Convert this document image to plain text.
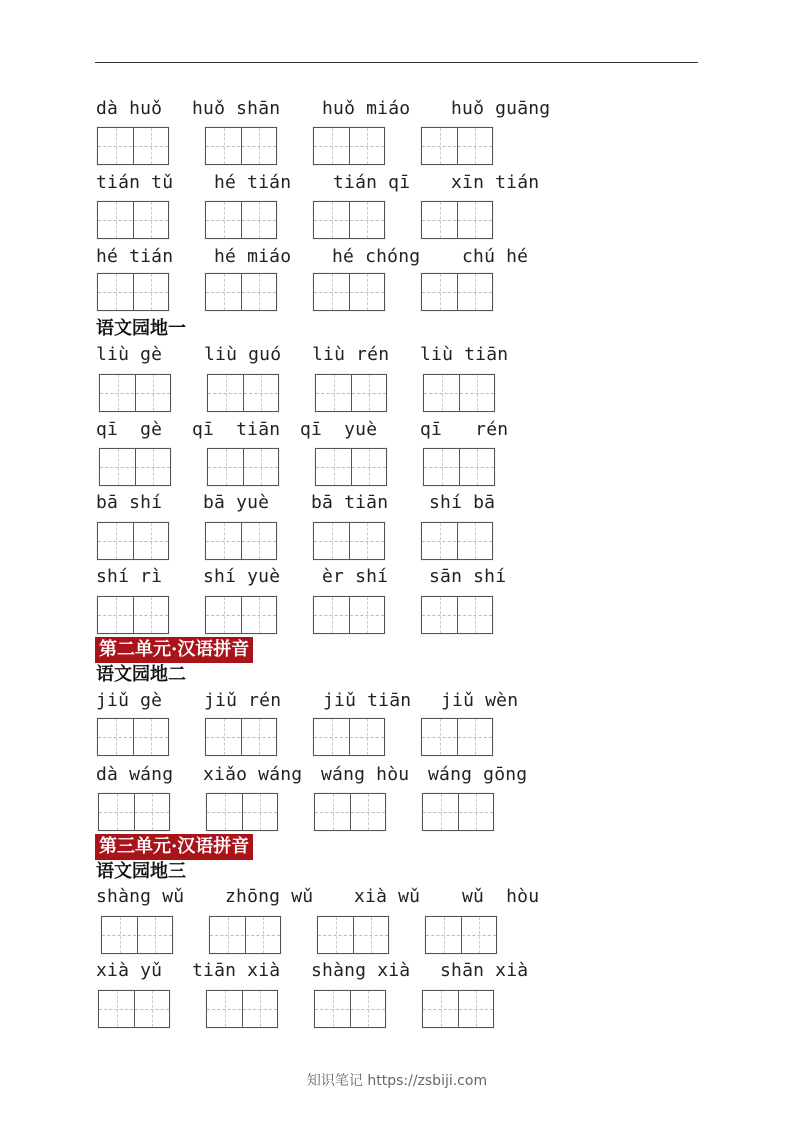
dà huǒ huǒ shān huǒ miáo huǒ guāng
tián tǔ hé tián tián qī xīn tián
hé tián hé miáo hé chóng chú hé
语文园地一
liù gè liù guó liù rén liù tiān
qī  gè qī  tiān qī  yuè qī   rén
bā shí bā yuè bā tiān shí bā
shí rì shí yuè èr shí sān shí
第二单元·汉语拼音
语文园地二
jiǔ gè jiǔ rén jiǔ tiān jiǔ wèn
dà wáng xiǎo wáng wáng hòu wáng gōng
第三单元·汉语拼音
语文园地三
shàng wǔ zhōng wǔ xià wǔ wǔ  hòu
xià yǔ tiān xià shàng xià shān xià
知识笔记 https://zsbiji.com
